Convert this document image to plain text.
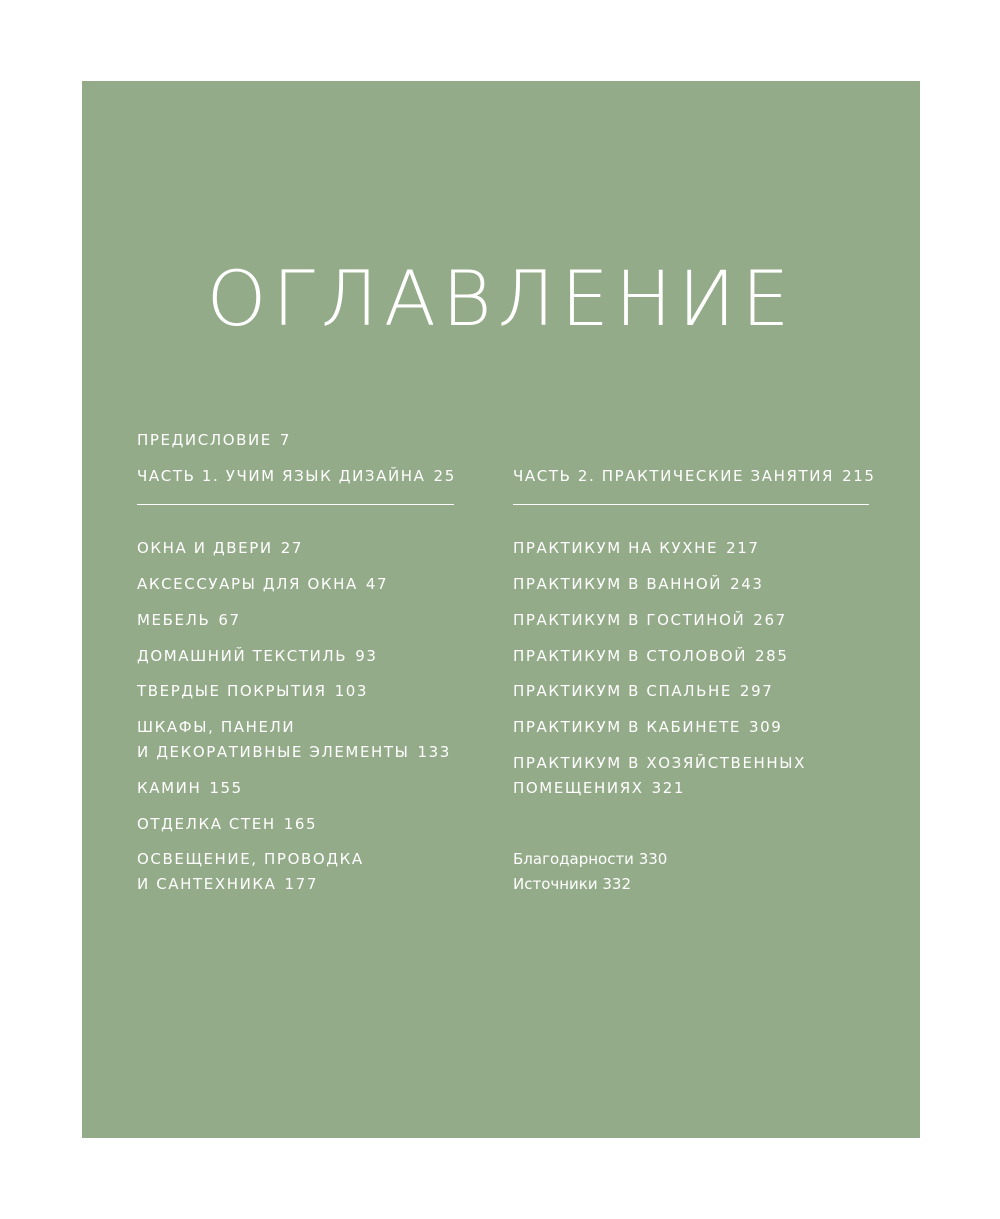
ОГЛАВЛЕНИЕ
ПРЕДИСЛОВИЕ 7
ЧАСТЬ 1. УЧИМ ЯЗЫК ДИЗАЙНА 25	ЧАСТЬ 2. ПРАКТИЧЕСКИЕ ЗАНЯТИЯ 215
ОКНА И ДВЕРИ 27
АКСЕССУАРЫ ДЛЯ ОКНА 47
МЕБЕЛЬ 67
ДОМАШНИЙ ТЕКСТИЛЬ 93
ТВЕРДЫЕ ПОКРЫТИЯ 103
ШКАФЫ, ПАНЕЛИ
И ДЕКОРАТИВНЫЕ ЭЛЕМЕНТЫ 133
КАМИН 155
ОТДЕЛКА СТЕН 165
ОСВЕЩЕНИЕ, ПРОВОДКА
И САНТЕХНИКА 177
ПРАКТИКУМ НА КУХНЕ 217
ПРАКТИКУМ В ВАННОЙ 243
ПРАКТИКУМ В ГОСТИНОЙ 267
ПРАКТИКУМ В СТОЛОВОЙ 285
ПРАКТИКУМ В СПАЛЬНЕ 297
ПРАКТИКУМ В КАБИНЕТЕ 309
ПРАКТИКУМ В ХОЗЯЙСТВЕННЫХ
ПОМЕЩЕНИЯХ 321
Благодарности 330
Источники 332
